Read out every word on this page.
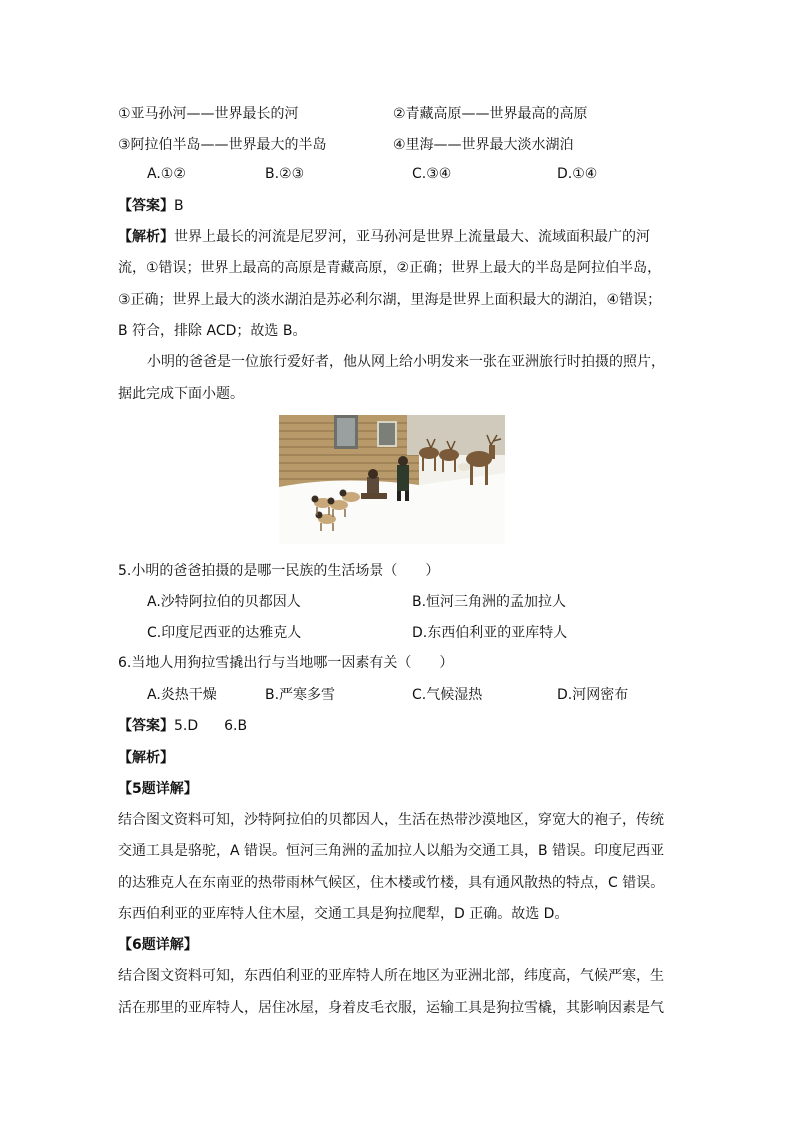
①亚马孙河——世界最长的河	②青藏高原——世界最高的高原
③阿拉伯半岛——世界最大的半岛	④里海——世界最大淡水湖泊
A.①②	B.②③	C.③④	D.①④
【答案】B
【解析】世界上最长的河流是尼罗河，亚马孙河是世界上流量最大、流域面积最广的河
流，①错误；世界上最高的高原是青藏高原，②正确；世界上最大的半岛是阿拉伯半岛，
③正确；世界上最大的淡水湖泊是苏必利尔湖，里海是世界上面积最大的湖泊，④错误；
B 符合，排除 ACD；故选 B。
小明的爸爸是一位旅行爱好者，他从网上给小明发来一张在亚洲旅行时拍摄的照片，
据此完成下面小题。
5.小明的爸爸拍摄的是哪一民族的生活场景（　　）
A.沙特阿拉伯的贝都因人	B.恒河三角洲的孟加拉人
C.印度尼西亚的达雅克人	D.东西伯利亚的亚库特人
6.当地人用狗拉雪撬出行与当地哪一因素有关（　　）
A.炎热干燥	B.严寒多雪	C.气候湿热	D.河网密布
【答案】5.D 6.B
【解析】
【5题详解】
结合图文资料可知，沙特阿拉伯的贝都因人，生活在热带沙漠地区，穿宽大的袍子，传统
交通工具是骆驼，A 错误。恒河三角洲的孟加拉人以船为交通工具，B 错误。印度尼西亚
的达雅克人在东南亚的热带雨林气候区，住木楼或竹楼，具有通风散热的特点，C 错误。
东西伯利亚的亚库特人住木屋，交通工具是狗拉爬犁，D 正确。故选 D。
【6题详解】
结合图文资料可知，东西伯利亚的亚库特人所在地区为亚洲北部，纬度高，气候严寒，生
活在那里的亚库特人，居住冰屋，身着皮毛衣服，运输工具是狗拉雪橇，其影响因素是气
